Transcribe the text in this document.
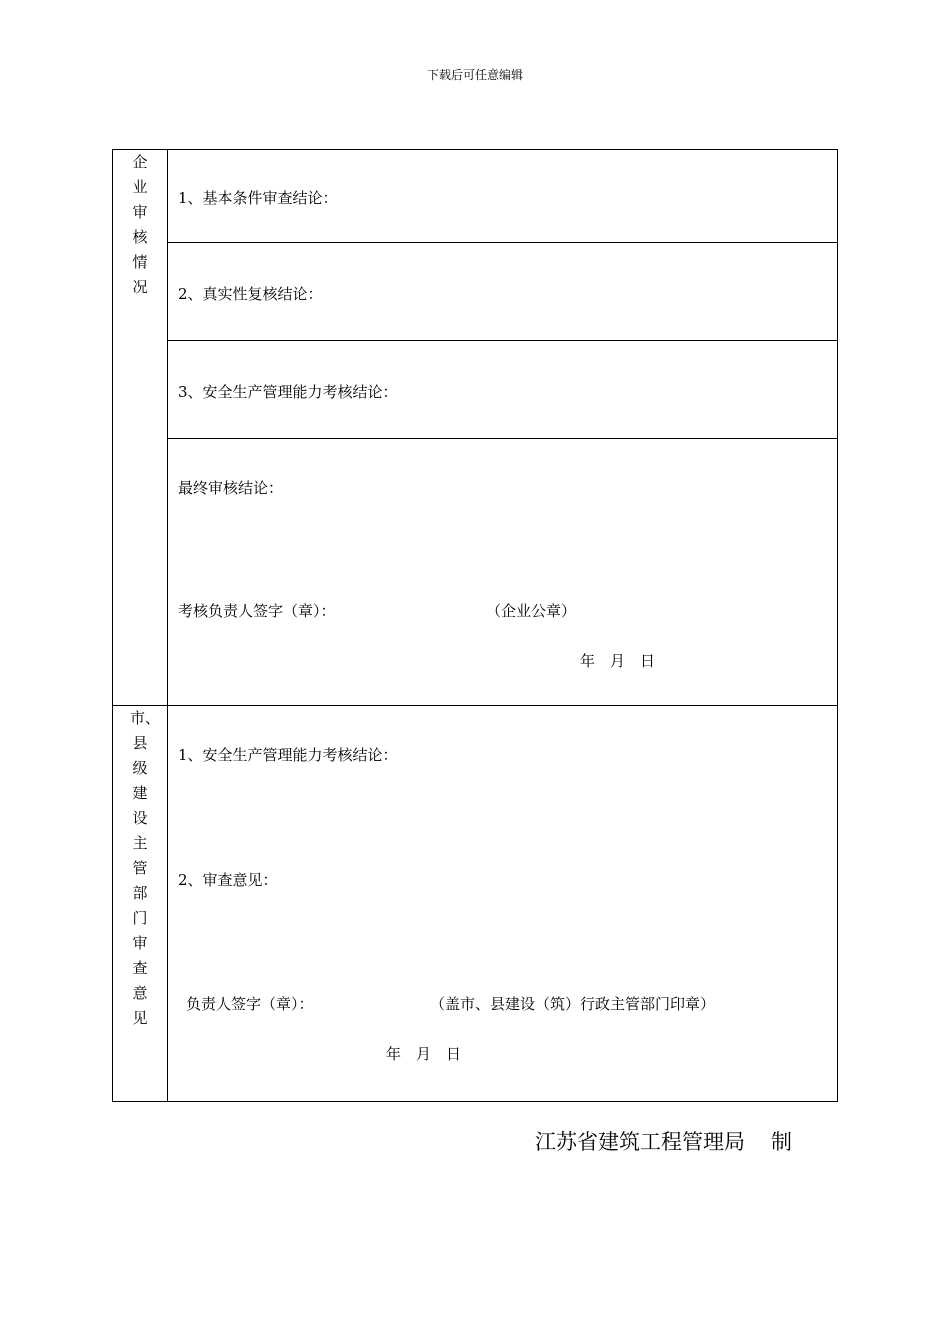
下载后可任意编辑
企业审核情况	1、基本条件审查结论：

	2、真实性复核结论：

	3、安全生产管理能力考核结论：

	最终审核结论：
考核负责人签字（章）： （企业公章）
年　月　日

市、县级建设主管部门审查意见	1、安全生产管理能力考核结论：
2、审查意见：
负责人签字（章）： （盖市、县建设（筑）行政主管部门印章）
年　月　日
江苏省建筑工程管理局 制
